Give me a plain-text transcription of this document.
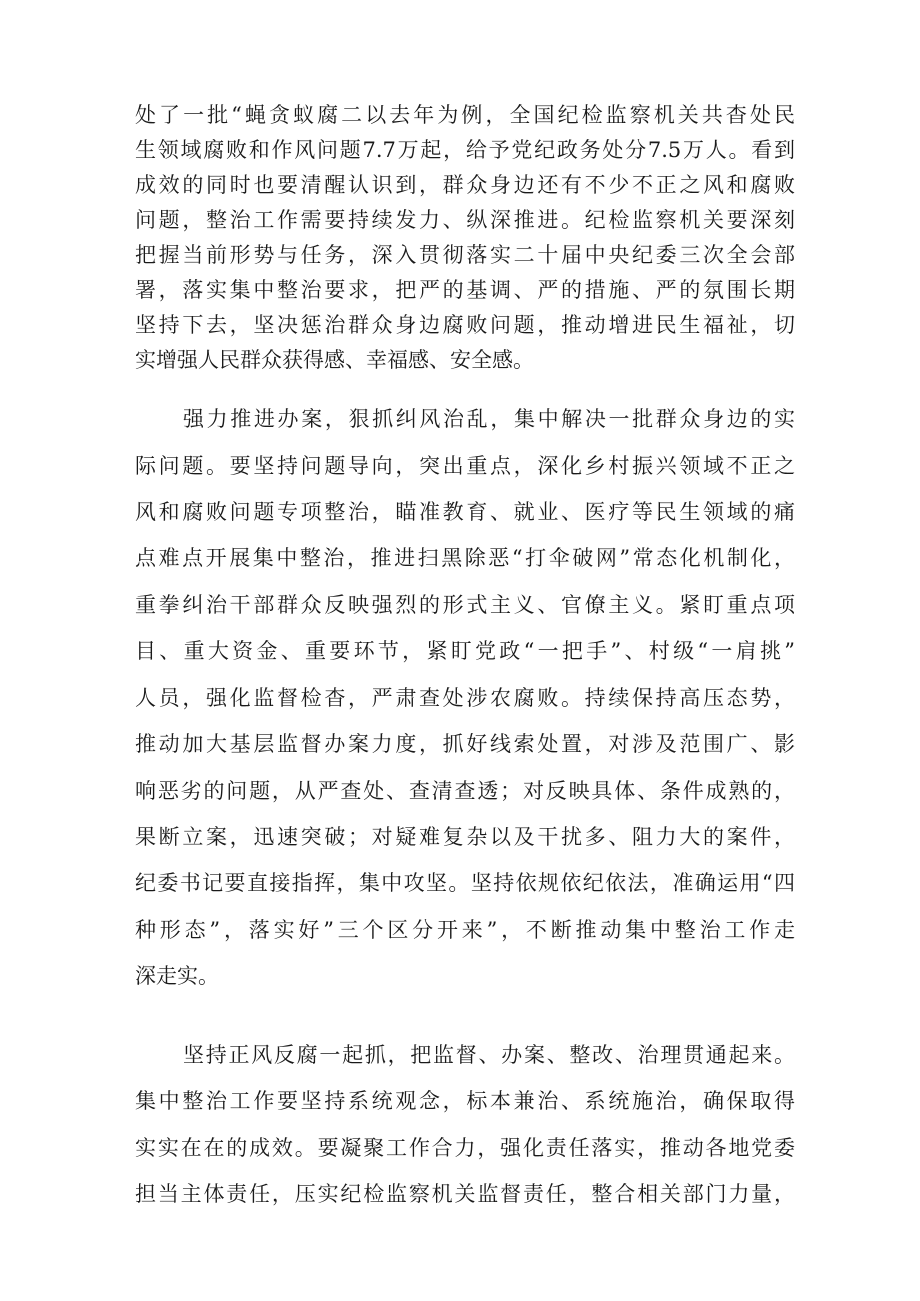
处了一批“蝇贪蚁腐二以去年为例，全国纪检监察机关共杳处民
生领域腐败和作风问题7.7万起，给予党纪政务处分7.5万人。看到
成效的同时也要清醒认识到，群众身边还有不少不正之风和腐败
问题，整治工作需要持续发力、纵深推进。纪检监察机关要深刻
把握当前形势与任务，深入贯彻落实二十届中央纪委三次全会部
署，落实集中整治要求，把严的基调、严的措施、严的氛围长期
坚持下去，坚决惩治群众身边腐败问题，推动增进民生福祉，切
实增强人民群众获得感、幸福感、安全感。
强力推进办案，狠抓纠风治乱，集中解决一批群众身边的实
际问题。要坚持问题导向，突出重点，深化乡村振兴领域不正之
风和腐败问题专项整治，瞄准教育、就业、医疗等民生领域的痛
点难点开展集中整治，推进扫黑除恶“打伞破网”常态化机制化，
重拳纠治干部群众反映强烈的形式主义、官僚主义。紧盯重点项
目、重大资金、重要环节，紧盯党政“一把手”、村级“一肩挑”
人员，强化监督检杳，严肃查处涉农腐败。持续保持高压态势，
推动加大基层监督办案力度，抓好线索处置，对涉及范围广、影
响恶劣的问题，从严查处、查清查透；对反映具体、条件成熟的，
果断立案，迅速突破；对疑难复杂以及干扰多、阻力大的案件，
纪委书记要直接指挥，集中攻坚。坚持依规依纪依法，准确运用“四
种形态”，落实好”三个区分开来”，不断推动集中整治工作走
深走实。
坚持正风反腐一起抓，把监督、办案、整改、治理贯通起来。
集中整治工作要坚持系统观念，标本兼治、系统施治，确保取得
实实在在的成效。要凝聚工作合力，强化责任落实，推动各地党委
担当主体责任，压实纪检监察机关监督责任，整合相关部门力量，
